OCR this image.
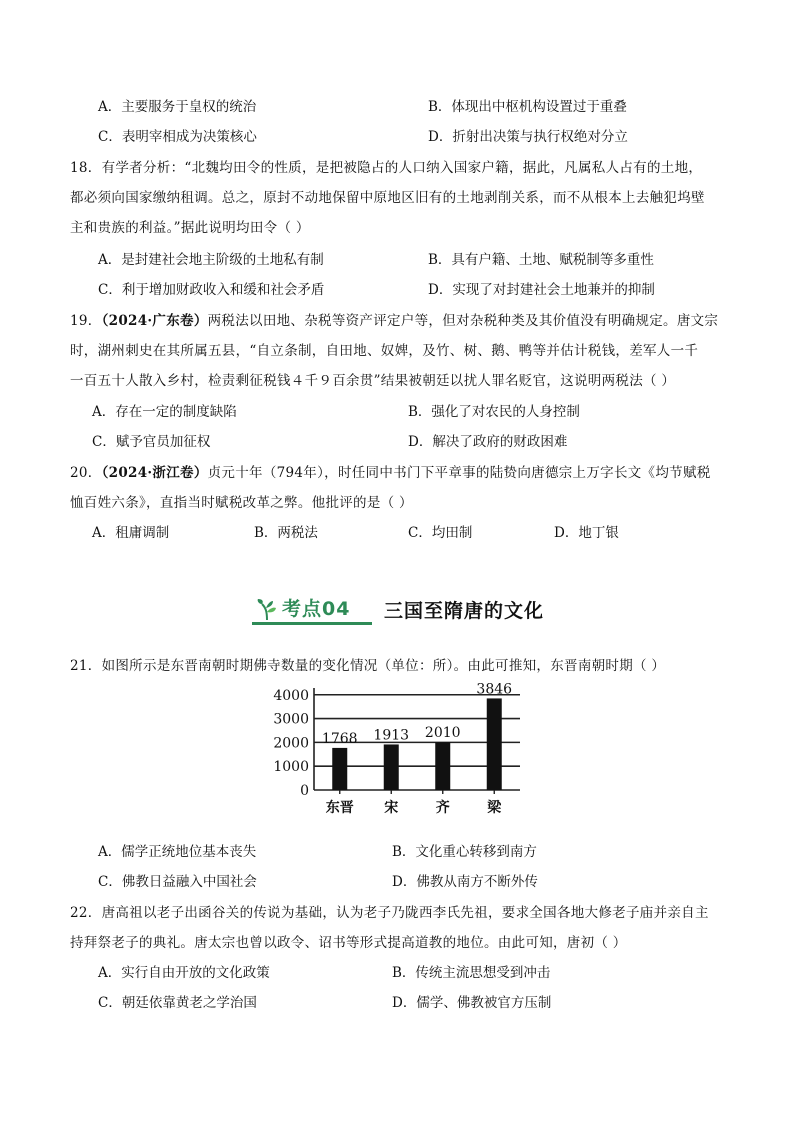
A．主要服务于皇权的统治	B．体现出中枢机构设置过于重叠
C．表明宰相成为决策核心	D．折射出决策与执行权绝对分立
18．有学者分析：“北魏均田令的性质，是把被隐占的人口纳入国家户籍，据此，凡属私人占有的土地，
都必须向国家缴纳租调。总之，原封不动地保留中原地区旧有的土地剥削关系，而不从根本上去触犯坞壁
主和贵族的利益。”据此说明均田令（ ）
A．是封建社会地主阶级的土地私有制	B．具有户籍、土地、赋税制等多重性
C．利于增加财政收入和缓和社会矛盾	D．实现了对封建社会土地兼并的抑制
19．（2024·广东卷）两税法以田地、杂税等资产评定户等，但对杂税种类及其价值没有明确规定。唐文宗
时，湖州刺史在其所属五县，“自立条制，自田地、奴婢，及竹、树、鹅、鸭等并估计税钱，差军人一千
一百五十人散入乡村，检责剩征税钱４千９百余贯”结果被朝廷以扰人罪名贬官，这说明两税法（ ）
A．存在一定的制度缺陷	B．强化了对农民的人身控制
C．赋予官员加征权	D．解决了政府的财政困难
20．（2024·浙江卷）贞元十年（794年），时任同中书门下平章事的陆贽向唐德宗上万字长文《均节赋税
恤百姓六条》，直指当时赋税改革之弊。他批评的是（ ）
A．租庸调制	B．两税法	C．均田制	D．地丁银
考点04 三国至隋唐的文化
21．如图所示是东晋南朝时期佛寺数量的变化情况（单位：所）。由此可推知，东晋南朝时期（ ）
0
1000
2000
3000
4000
1768
东晋
1913
宋
2010
齐
3846
梁
A．儒学正统地位基本丧失	B．文化重心转移到南方
C．佛教日益融入中国社会	D．佛教从南方不断外传
22．唐高祖以老子出函谷关的传说为基础，认为老子乃陇西李氏先祖，要求全国各地大修老子庙并亲自主
持拜祭老子的典礼。唐太宗也曾以政令、诏书等形式提高道教的地位。由此可知，唐初（ ）
A．实行自由开放的文化政策	B．传统主流思想受到冲击
C．朝廷依靠黄老之学治国	D．儒学、佛教被官方压制
